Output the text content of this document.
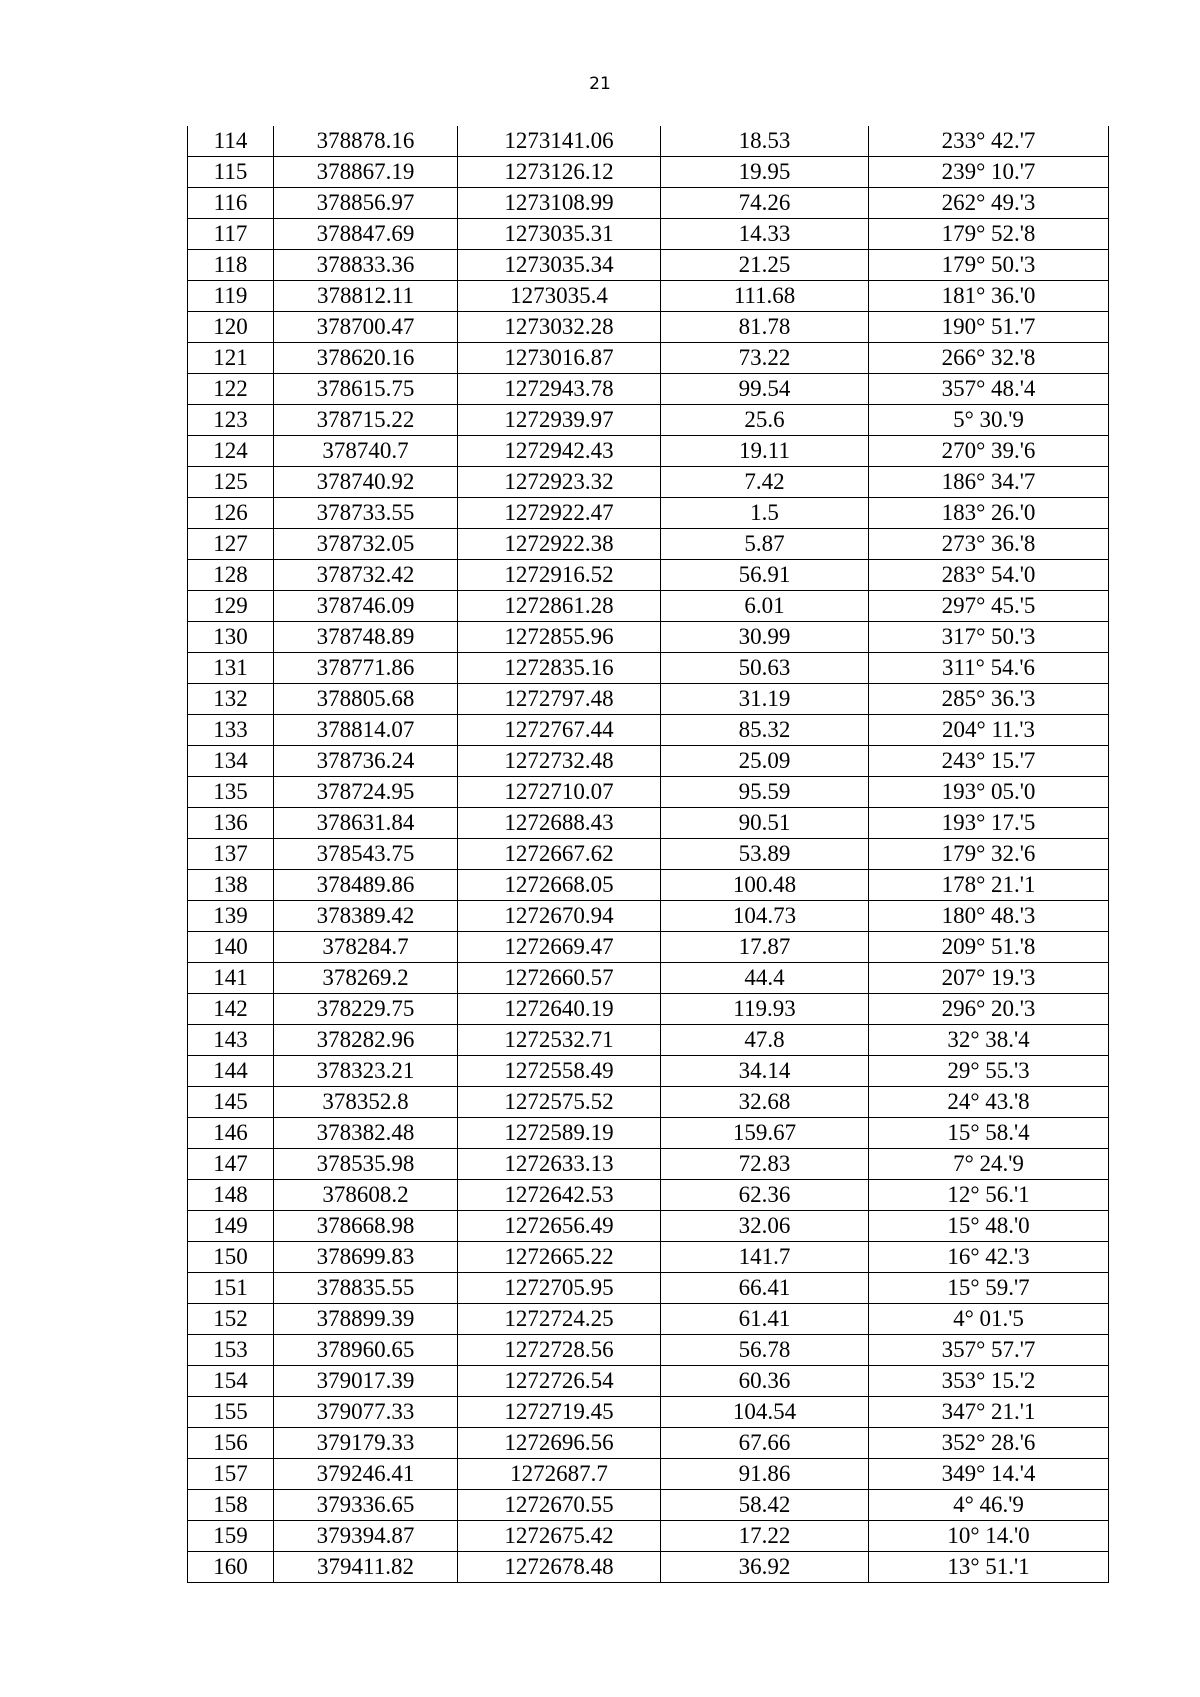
21
114	378878.16	1273141.06	18.53	233° 42.'7
115	378867.19	1273126.12	19.95	239° 10.'7
116	378856.97	1273108.99	74.26	262° 49.'3
117	378847.69	1273035.31	14.33	179° 52.'8
118	378833.36	1273035.34	21.25	179° 50.'3
119	378812.11	1273035.4	111.68	181° 36.'0
120	378700.47	1273032.28	81.78	190° 51.'7
121	378620.16	1273016.87	73.22	266° 32.'8
122	378615.75	1272943.78	99.54	357° 48.'4
123	378715.22	1272939.97	25.6	5° 30.'9
124	378740.7	1272942.43	19.11	270° 39.'6
125	378740.92	1272923.32	7.42	186° 34.'7
126	378733.55	1272922.47	1.5	183° 26.'0
127	378732.05	1272922.38	5.87	273° 36.'8
128	378732.42	1272916.52	56.91	283° 54.'0
129	378746.09	1272861.28	6.01	297° 45.'5
130	378748.89	1272855.96	30.99	317° 50.'3
131	378771.86	1272835.16	50.63	311° 54.'6
132	378805.68	1272797.48	31.19	285° 36.'3
133	378814.07	1272767.44	85.32	204° 11.'3
134	378736.24	1272732.48	25.09	243° 15.'7
135	378724.95	1272710.07	95.59	193° 05.'0
136	378631.84	1272688.43	90.51	193° 17.'5
137	378543.75	1272667.62	53.89	179° 32.'6
138	378489.86	1272668.05	100.48	178° 21.'1
139	378389.42	1272670.94	104.73	180° 48.'3
140	378284.7	1272669.47	17.87	209° 51.'8
141	378269.2	1272660.57	44.4	207° 19.'3
142	378229.75	1272640.19	119.93	296° 20.'3
143	378282.96	1272532.71	47.8	32° 38.'4
144	378323.21	1272558.49	34.14	29° 55.'3
145	378352.8	1272575.52	32.68	24° 43.'8
146	378382.48	1272589.19	159.67	15° 58.'4
147	378535.98	1272633.13	72.83	7° 24.'9
148	378608.2	1272642.53	62.36	12° 56.'1
149	378668.98	1272656.49	32.06	15° 48.'0
150	378699.83	1272665.22	141.7	16° 42.'3
151	378835.55	1272705.95	66.41	15° 59.'7
152	378899.39	1272724.25	61.41	4° 01.'5
153	378960.65	1272728.56	56.78	357° 57.'7
154	379017.39	1272726.54	60.36	353° 15.'2
155	379077.33	1272719.45	104.54	347° 21.'1
156	379179.33	1272696.56	67.66	352° 28.'6
157	379246.41	1272687.7	91.86	349° 14.'4
158	379336.65	1272670.55	58.42	4° 46.'9
159	379394.87	1272675.42	17.22	10° 14.'0
160	379411.82	1272678.48	36.92	13° 51.'1
